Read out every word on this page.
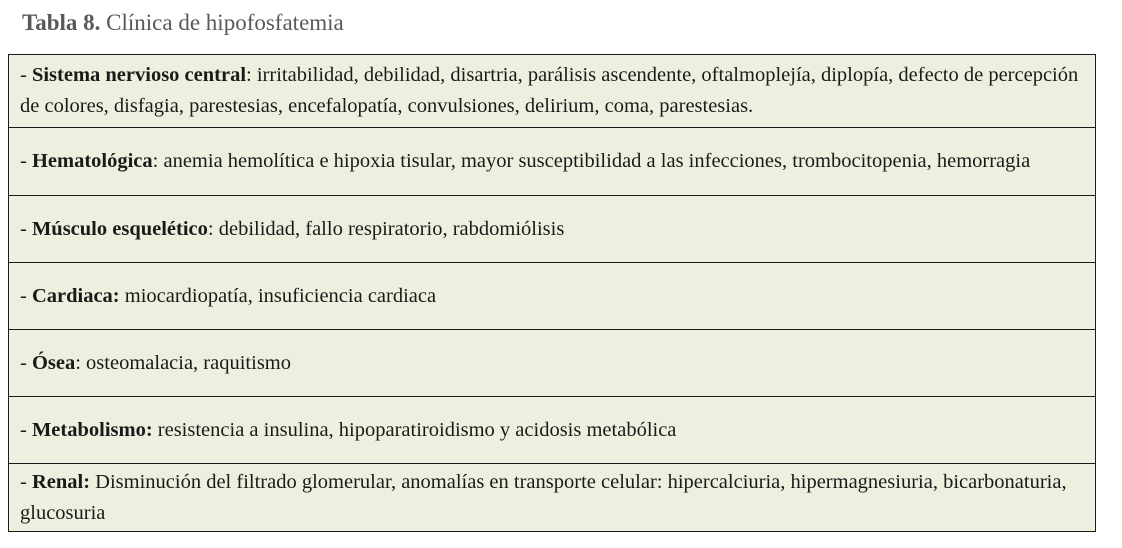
Tabla 8. Clínica de hipofosfatemia
- Sistema nervioso central: irritabilidad, debilidad, disartria, parálisis ascendente, oftalmoplejía, diplopía, defecto de percepción de colores, disfagia, parestesias, encefalopatía, convulsiones, delirium, coma, parestesias.
- Hematológica: anemia hemolítica e hipoxia tisular, mayor susceptibilidad a las infecciones, trombocitopenia, hemorragia
- Músculo esquelético: debilidad, fallo respiratorio, rabdomiólisis
- Cardiaca: miocardiopatía, insuficiencia cardiaca
- Ósea: osteomalacia, raquitismo
- Metabolismo: resistencia a insulina, hipoparatiroidismo y acidosis metabólica
- Renal: Disminución del filtrado glomerular, anomalías en transporte celular: hipercalciuria, hipermagnesiuria, bicarbonaturia, glucosuria
